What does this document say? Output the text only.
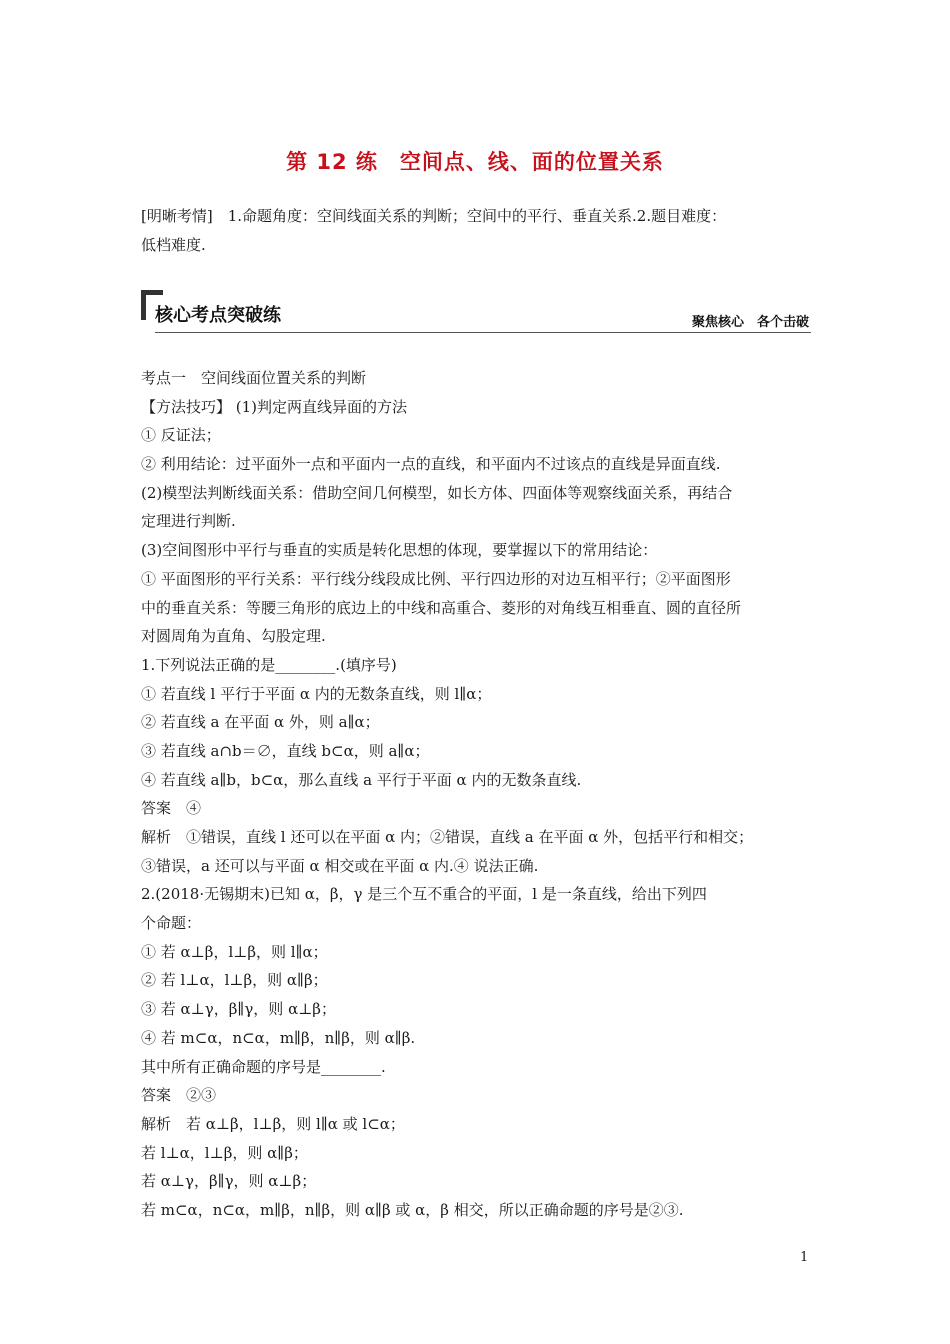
第 12 练　空间点、线、面的位置关系

[明晰考情]　1.命题角度：空间线面关系的判断；空间中的平行、垂直关系.2.题目难度：

低档难度.

核心考点突破练	聚焦核心　各个击破

考点一　空间线面位置关系的判断

【方法技巧】 (1)判定两直线异面的方法

① 反证法；

② 利用结论：过平面外一点和平面内一点的直线，和平面内不过该点的直线是异面直线.

(2)模型法判断线面关系：借助空间几何模型，如长方体、四面体等观察线面关系，再结合

定理进行判断.

(3)空间图形中平行与垂直的实质是转化思想的体现，要掌握以下的常用结论：

① 平面图形的平行关系：平行线分线段成比例、平行四边形的对边互相平行；②平面图形

中的垂直关系：等腰三角形的底边上的中线和高重合、菱形的对角线互相垂直、圆的直径所

对圆周角为直角、勾股定理.

1.下列说法正确的是________.(填序号)

① 若直线 l 平行于平面 α 内的无数条直线，则 l∥α；

② 若直线 a 在平面 α 外，则 a∥α；

③ 若直线 a∩b＝∅，直线 b⊂α，则 a∥α；

④ 若直线 a∥b，b⊂α，那么直线 a 平行于平面 α 内的无数条直线.

答案　④

解析　①错误，直线 l 还可以在平面 α 内；②错误，直线 a 在平面 α 外，包括平行和相交；

③错误，a 还可以与平面 α 相交或在平面 α 内.④ 说法正确.

2.(2018·无锡期末)已知 α，β，γ 是三个互不重合的平面，l 是一条直线，给出下列四

个命题：

① 若 α⊥β，l⊥β，则 l∥α；

② 若 l⊥α，l⊥β，则 α∥β；

③ 若 α⊥γ，β∥γ，则 α⊥β；

④ 若 m⊂α，n⊂α，m∥β，n∥β，则 α∥β.

其中所有正确命题的序号是________.

答案　②③

解析　若 α⊥β，l⊥β，则 l∥α 或 l⊂α；

若 l⊥α，l⊥β，则 α∥β；

若 α⊥γ，β∥γ，则 α⊥β；

若 m⊂α，n⊂α，m∥β，n∥β，则 α∥β 或 α，β 相交，所以正确命题的序号是②③.

1
